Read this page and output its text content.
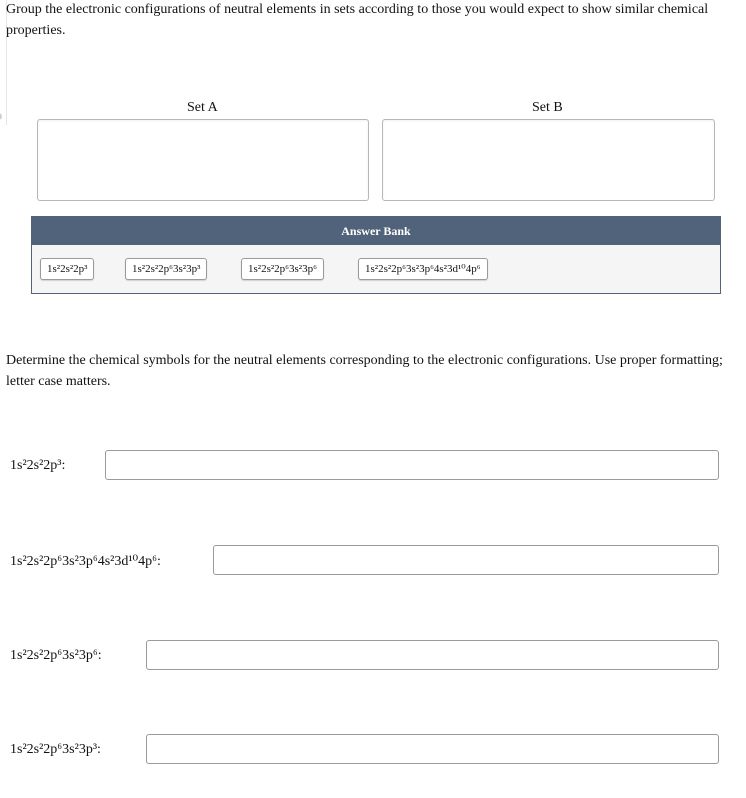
Group the electronic configurations of neutral elements in sets according to those you would expect to show similar chemical properties.
Set A	Set B
Answer Bank
1s²2s²2p³	1s²2s²2p⁶3s²3p³	1s²2s²2p⁶3s²3p⁶	1s²2s²2p⁶3s²3p⁶4s²3d¹⁰4p⁶
Determine the chemical symbols for the neutral elements corresponding to the electronic configurations. Use proper formatting; letter case matters.
1s²2s²2p³:
1s²2s²2p⁶3s²3p⁶4s²3d¹⁰4p⁶:
1s²2s²2p⁶3s²3p⁶:
1s²2s²2p⁶3s²3p³:
